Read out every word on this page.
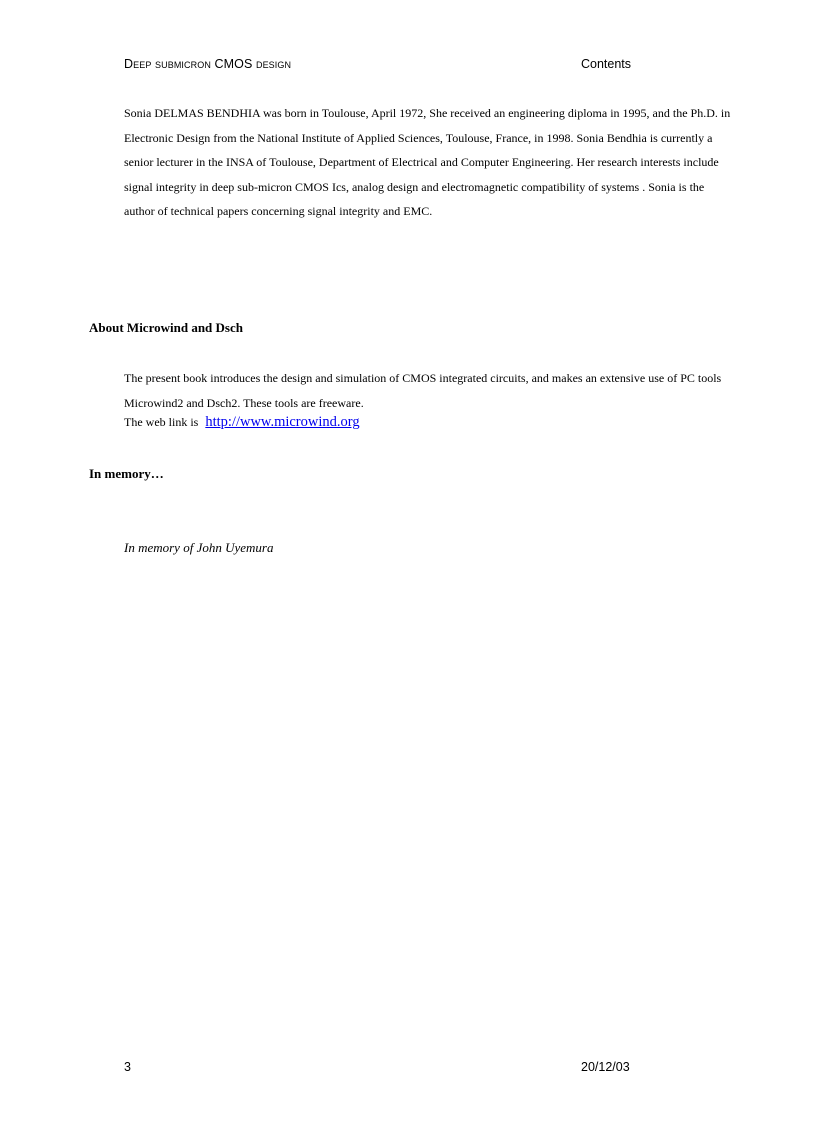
Deep submicron CMOS design	Contents

Sonia DELMAS BENDHIA was born in Toulouse, April 1972, She received an engineering diploma in 1995, and the Ph.D. in Electronic Design from the National Institute of Applied Sciences, Toulouse, France, in 1998. Sonia Bendhia is currently a senior lecturer in the INSA of Toulouse, Department of Electrical and Computer Engineering. Her research interests include signal integrity in deep sub-micron CMOS Ics, analog design and electromagnetic compatibility of systems . Sonia is the author of technical papers concerning signal integrity and EMC.

About Microwind and Dsch

The present book introduces the design and simulation of CMOS integrated circuits, and makes an extensive use of PC tools Microwind2 and Dsch2. These tools are freeware.

The web link is http://www.microwind.org
In memory…
In memory of John Uyemura
3	20/12/03
